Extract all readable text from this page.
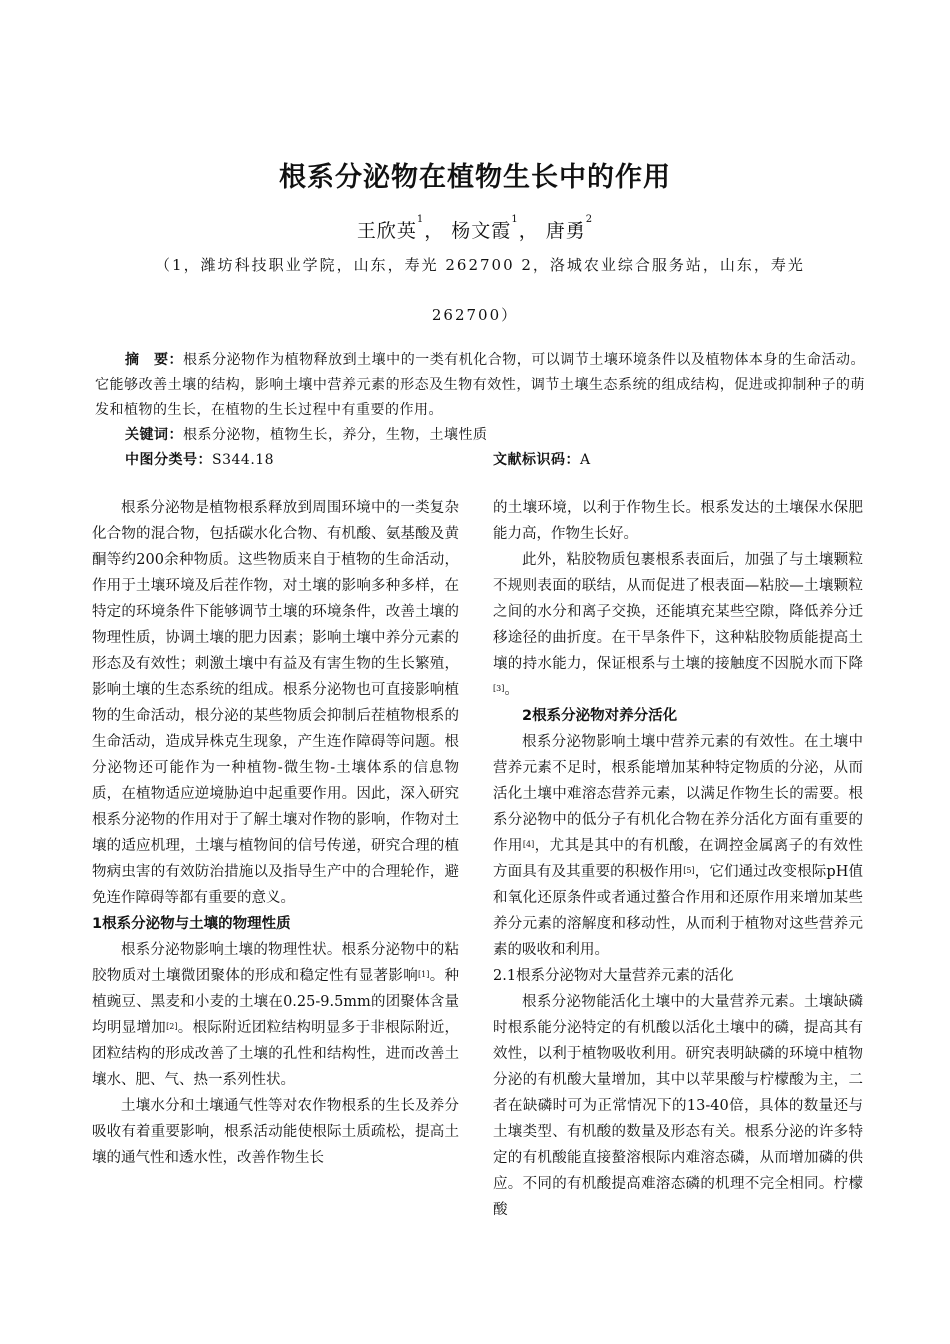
根系分泌物在植物生长中的作用
王欣英$^1$， 杨文霞$^1$， 唐勇$^2$
（1，潍坊科技职业学院，山东，寿光 262700 2，洛城农业综合服务站，山东，寿光
262700）
摘　要：根系分泌物作为植物释放到土壤中的一类有机化合物，可以调节土壤环境条件以及植物体本身的生命活动。它能够改善土壤的结构，影响土壤中营养元素的形态及生物有效性，调节土壤生态系统的组成结构，促进或抑制种子的萌发和植物的生长，在植物的生长过程中有重要的作用。
关键词：根系分泌物，植物生长，养分，生物，土壤性质
中图分类号：S344.18	文献标识码：A

根系分泌物是植物根系释放到周围环境中的一类复杂化合物的混合物，包括碳水化合物、有机酸、氨基酸及黄酮等约200余种物质。这些物质来自于植物的生命活动，作用于土壤环境及后茬作物，对土壤的影响多种多样，在特定的环境条件下能够调节土壤的环境条件，改善土壤的物理性质，协调土壤的肥力因素；影响土壤中养分元素的形态及有效性；刺激土壤中有益及有害生物的生长繁殖，影响土壤的生态系统的组成。根系分泌物也可直接影响植物的生命活动，根分泌的某些物质会抑制后茬植物根系的生命活动，造成异株克生现象，产生连作障碍等问题。根分泌物还可能作为一种植物-微生物-土壤体系的信息物质，在植物适应逆境胁迫中起重要作用。因此，深入研究根系分泌物的作用对于了解土壤对作物的影响，作物对土壤的适应机理，土壤与植物间的信号传递，研究合理的植物病虫害的有效防治措施以及指导生产中的合理轮作，避免连作障碍等都有重要的意义。

1根系分泌物与土壤的物理性质

根系分泌物影响土壤的物理性状。根系分泌物中的粘胶物质对土壤微团聚体的形成和稳定性有显著影响[1]。种植豌豆、黑麦和小麦的土壤在0.25-9.5mm的团聚体含量均明显增加[2]。根际附近团粒结构明显多于非根际附近，团粒结构的形成改善了土壤的孔性和结构性，进而改善土壤水、肥、气、热一系列性状。

土壤水分和土壤通气性等对农作物根系的生长及养分吸收有着重要影响，根系活动能使根际土质疏松，提高土壤的通气性和透水性，改善作物生长

的土壤环境，以利于作物生长。根系发达的土壤保水保肥能力高，作物生长好。

此外，粘胶物质包裹根系表面后，加强了与土壤颗粒不规则表面的联结，从而促进了根表面—粘胶—土壤颗粒之间的水分和离子交换，还能填充某些空隙，降低养分迁移途径的曲折度。在干旱条件下，这种粘胶物质能提高土壤的持水能力，保证根系与土壤的接触度不因脱水而下降[3]。

2根系分泌物对养分活化

根系分泌物影响土壤中营养元素的有效性。在土壤中营养元素不足时，根系能增加某种特定物质的分泌，从而活化土壤中难溶态营养元素，以满足作物生长的需要。根系分泌物中的低分子有机化合物在养分活化方面有重要的作用[4]，尤其是其中的有机酸，在调控金属离子的有效性方面具有及其重要的积极作用[5]，它们通过改变根际pH值和氧化还原条件或者通过螯合作用和还原作用来增加某些养分元素的溶解度和移动性，从而利于植物对这些营养元素的吸收和利用。

2.1根系分泌物对大量营养元素的活化

根系分泌物能活化土壤中的大量营养元素。土壤缺磷时根系能分泌特定的有机酸以活化土壤中的磷，提高其有效性，以利于植物吸收利用。研究表明缺磷的环境中植物分泌的有机酸大量增加，其中以苹果酸与柠檬酸为主，二者在缺磷时可为正常情况下的13-40倍，具体的数量还与土壤类型、有机酸的数量及形态有关。根系分泌的许多特定的有机酸能直接螯溶根际内难溶态磷，从而增加磷的供应。不同的有机酸提高难溶态磷的机理不完全相同。柠檬酸
